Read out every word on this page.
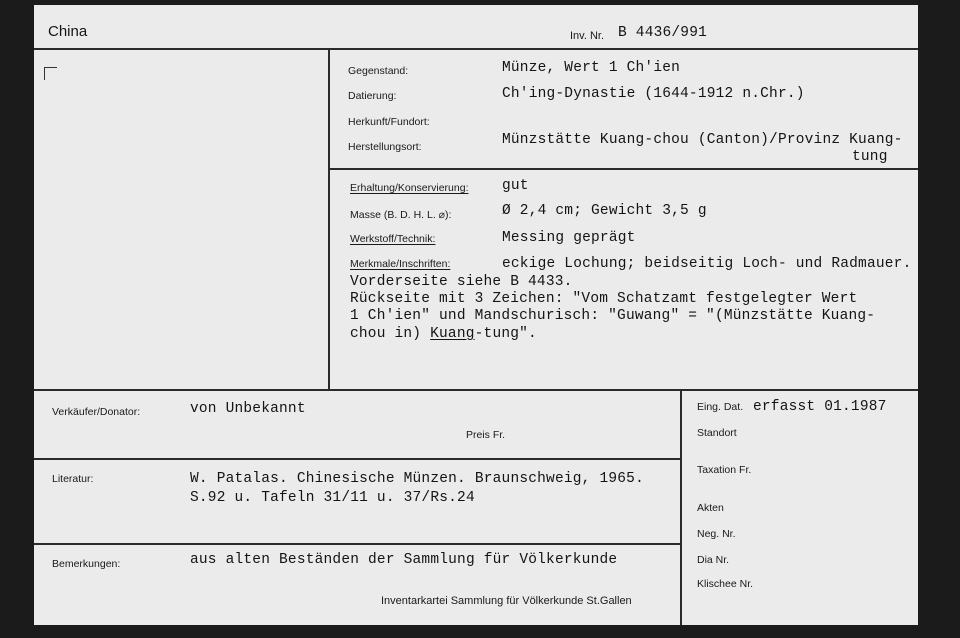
China	Inv. Nr. B 4436/991
Gegenstand:	Münze, Wert 1 Ch'ien
Datierung:	Ch'ing-Dynastie (1644-1912 n.Chr.)
Herkunft/Fundort:
Herstellungsort:	Münzstätte Kuang-chou (Canton)/Provinz Kuang-
tung
Erhaltung/Konservierung: gut
Masse (B. D. H. L. ⌀):	Ø 2,4 cm; Gewicht 3,5 g
Werkstoff/Technik:	Messing geprägt
Merkmale/Inschriften:	eckige Lochung; beidseitig Loch- und Radmauer.
Vorderseite siehe B 4433.
Rückseite mit 3 Zeichen: "Vom Schatzamt festgelegter Wert
1 Ch'ien" und Mandschurisch: "Guwang" = "(Münzstätte Kuang-
chou in) Kuang-tung".
Verkäufer/Donator:	von Unbekannt
Preis Fr.
Literatur:	W. Patalas. Chinesische Münzen. Braunschweig, 1965.
S.92 u. Tafeln 31/11 u. 37/Rs.24
Bemerkungen:	aus alten Beständen der Sammlung für Völkerkunde
Inventarkartei Sammlung für Völkerkunde St.Gallen
Eing. Dat. erfasst 01.1987
Standort
Taxation Fr.
Akten
Neg. Nr.
Dia Nr.
Klischee Nr.
